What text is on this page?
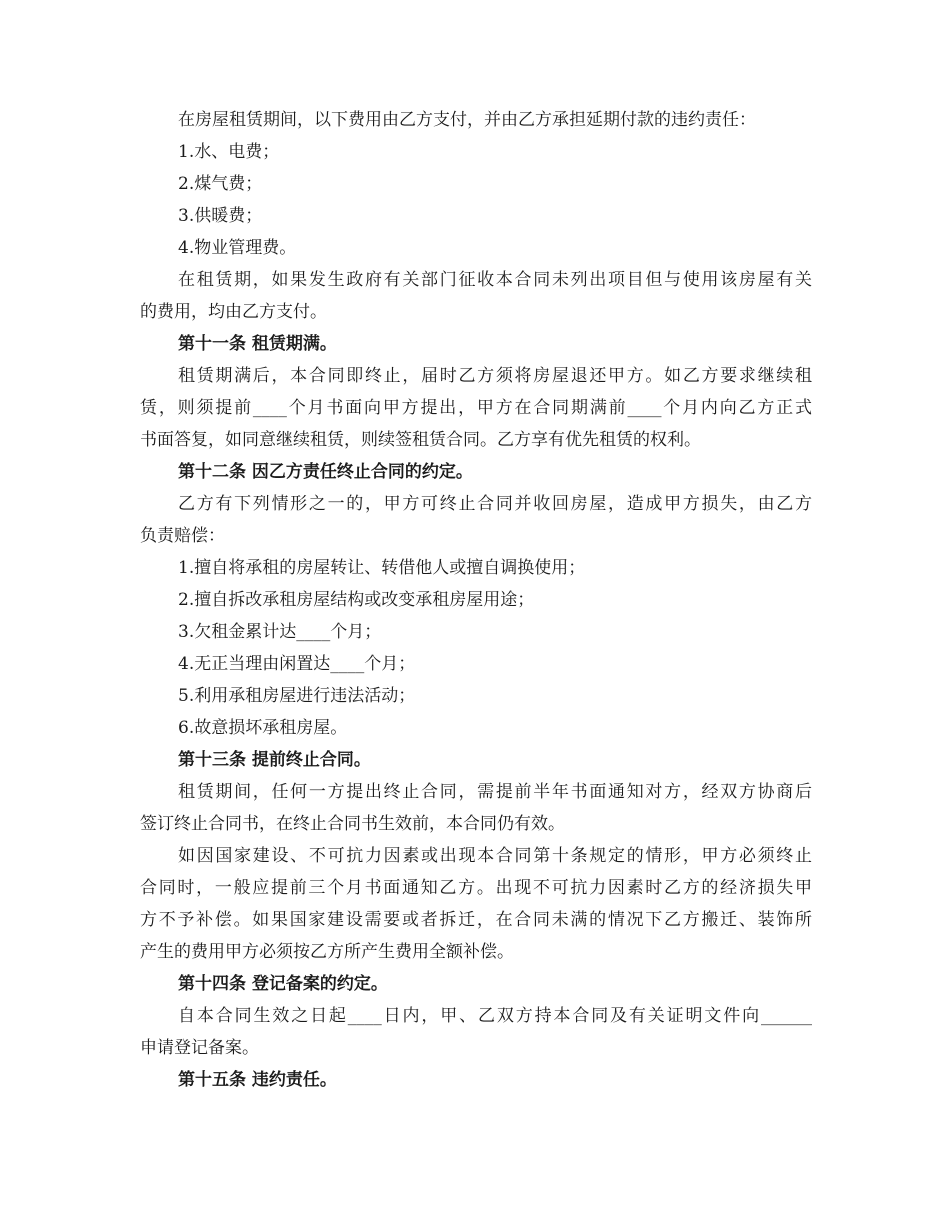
在房屋租赁期间，以下费用由乙方支付，并由乙方承担延期付款的违约责任：
1.水、电费；
2.煤气费；
3.供暖费；
4.物业管理费。
在租赁期，如果发生政府有关部门征收本合同未列出项目但与使用该房屋有关
的费用，均由乙方支付。
第十一条 租赁期满。
租赁期满后，本合同即终止，届时乙方须将房屋退还甲方。如乙方要求继续租
赁，则须提前____个月书面向甲方提出，甲方在合同期满前____个月内向乙方正式
书面答复，如同意继续租赁，则续签租赁合同。乙方享有优先租赁的权利。
第十二条 因乙方责任终止合同的约定。
乙方有下列情形之一的，甲方可终止合同并收回房屋，造成甲方损失，由乙方
负责赔偿：
1.擅自将承租的房屋转让、转借他人或擅自调换使用；
2.擅自拆改承租房屋结构或改变承租房屋用途；
3.欠租金累计达____个月；
4.无正当理由闲置达____个月；
5.利用承租房屋进行违法活动；
6.故意损坏承租房屋。
第十三条 提前终止合同。
租赁期间，任何一方提出终止合同，需提前半年书面通知对方，经双方协商后
签订终止合同书，在终止合同书生效前，本合同仍有效。
如因国家建设、不可抗力因素或出现本合同第十条规定的情形，甲方必须终止
合同时，一般应提前三个月书面通知乙方。出现不可抗力因素时乙方的经济损失甲
方不予补偿。如果国家建设需要或者拆迁，在合同未满的情况下乙方搬迁、装饰所
产生的费用甲方必须按乙方所产生费用全额补偿。
第十四条 登记备案的约定。
自本合同生效之日起____日内，甲、乙双方持本合同及有关证明文件向______
申请登记备案。
第十五条 违约责任。
